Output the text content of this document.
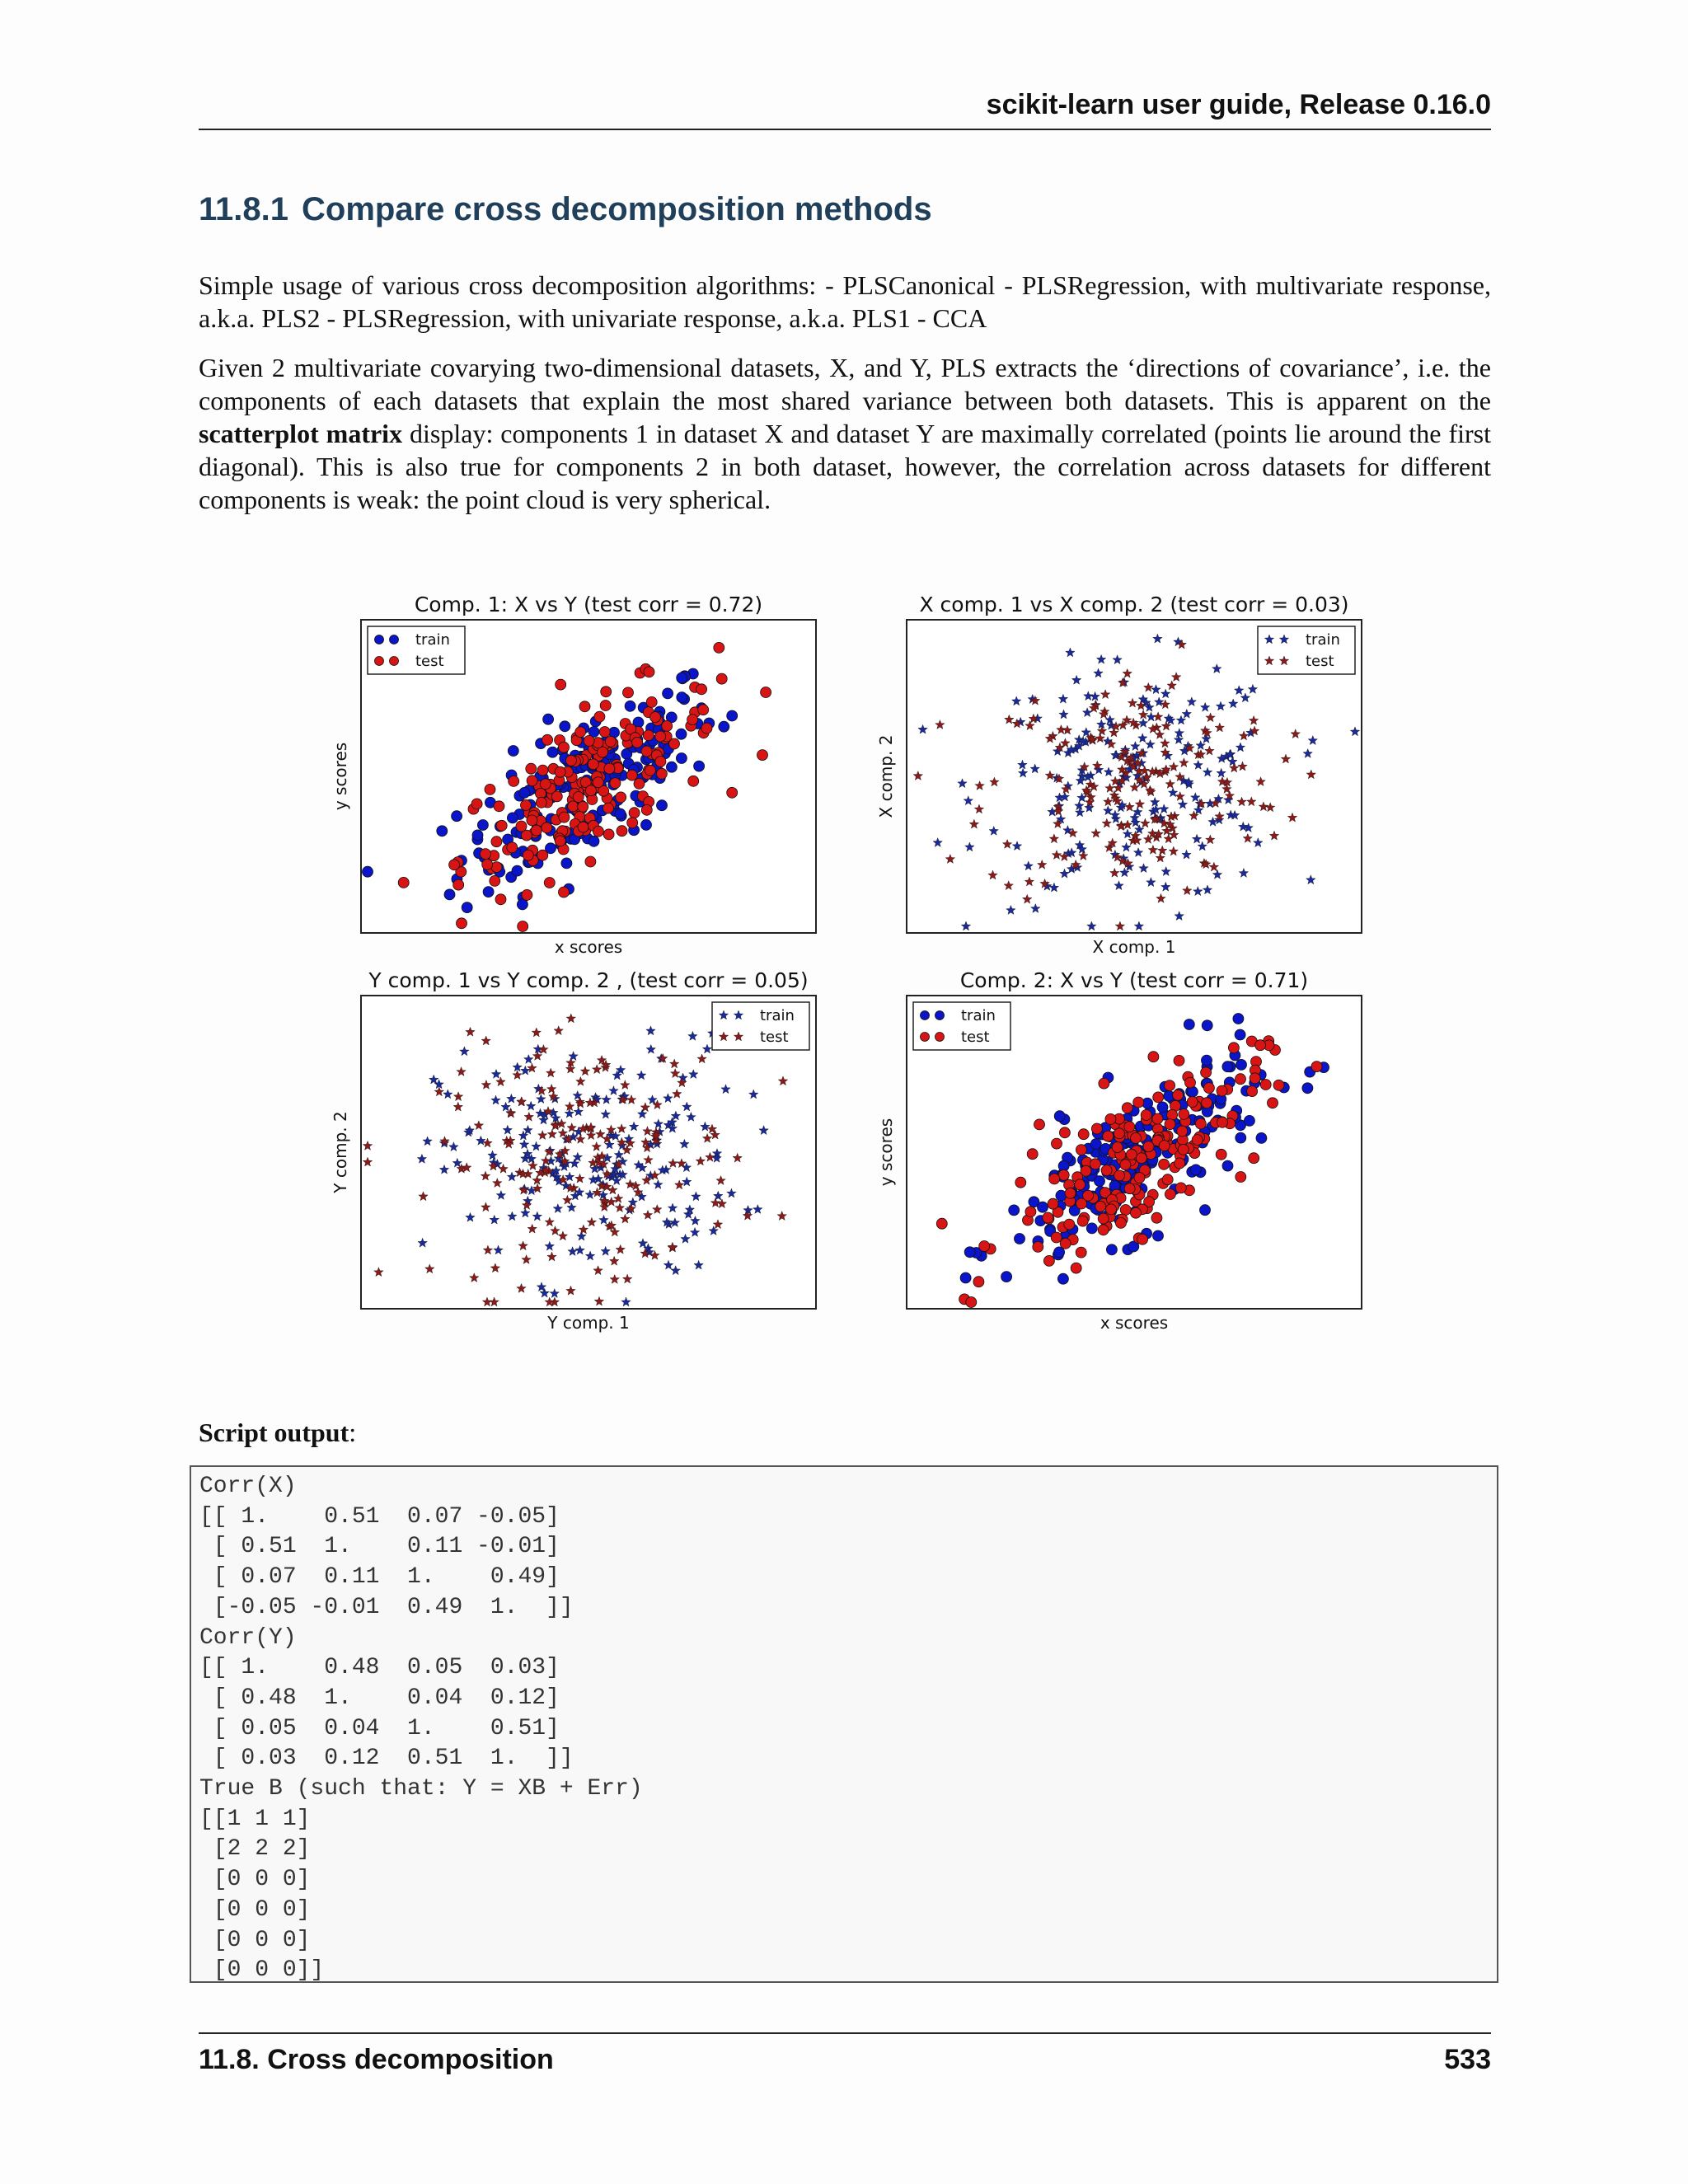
scikit-learn user guide, Release 0.16.0
11.8.1 Compare cross decomposition methods

Simple usage of various cross decomposition algorithms: - PLSCanonical - PLSRegression, with multivariate response, a.k.a. PLS2 - PLSRegression, with univariate response, a.k.a. PLS1 - CCA

Given 2 multivariate covarying two-dimensional datasets, X, and Y, PLS extracts the ‘directions of covariance’, i.e. the components of each datasets that explain the most shared variance between both datasets. This is apparent on the scatterplot matrix display: components 1 in dataset X and dataset Y are maximally correlated (points lie around the first diagonal). This is also true for components 2 in both dataset, however, the correlation across datasets for different components is weak: the point cloud is very spherical.

Comp. 1: X vs Y (test corr = 0.72)
x scores
y scores
train
test
X comp. 1 vs X comp. 2 (test corr = 0.03)
X comp. 1
X comp. 2
train
test
Y comp. 1 vs Y comp. 2 , (test corr = 0.05)
Y comp. 1
Y comp. 2
train
test
Comp. 2: X vs Y (test corr = 0.71)
x scores
y scores
train
test
Script output:
Corr(X)
[[ 1.    0.51  0.07 -0.05]
[ 0.51  1.    0.11 -0.01]
[ 0.07  0.11  1.    0.49]
[-0.05 -0.01  0.49  1.  ]]
Corr(Y)
[[ 1.    0.48  0.05  0.03]
[ 0.48  1.    0.04  0.12]
[ 0.05  0.04  1.    0.51]
[ 0.03  0.12  0.51  1.  ]]
True B (such that: Y = XB + Err)
[[1 1 1]
[2 2 2]
[0 0 0]
[0 0 0]
[0 0 0]
[0 0 0]]
11.8. Cross decomposition	533
